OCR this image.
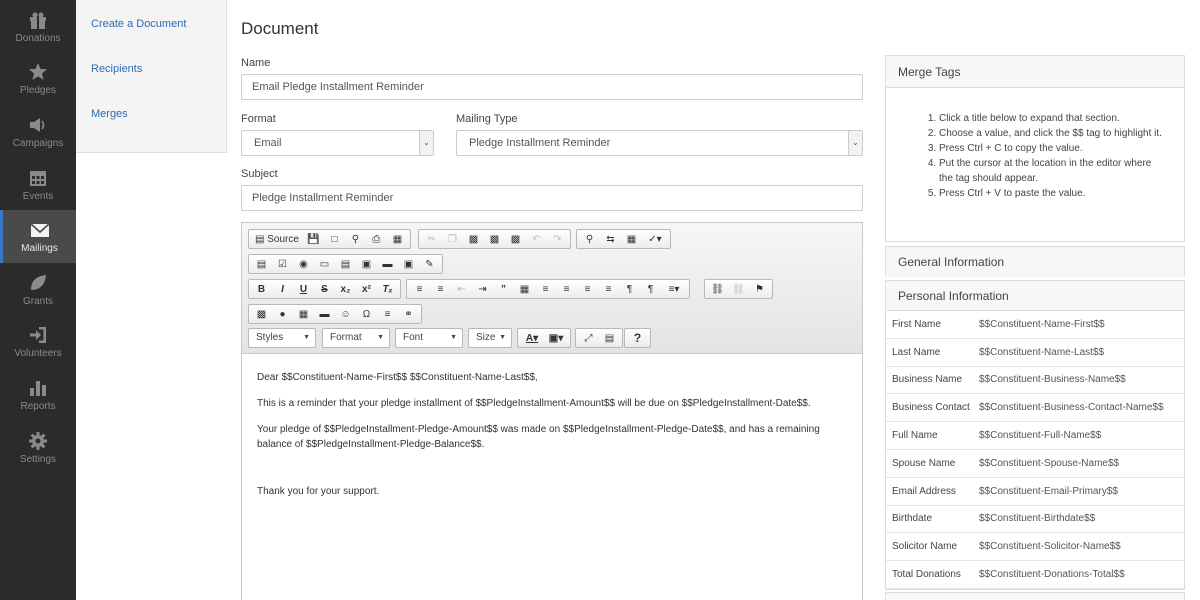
Donations
Pledges
Campaigns
Events
Mailings
Grants
Volunteers
Reports
Settings
Create a Document
Recipients
Merges
Document
Name
Email Pledge Installment Reminder
Format
Email	⌄
Mailing Type
Pledge Installment Reminder	⌄
Subject
Pledge Installment Reminder
▤ Source 💾	□	⚲	⎙	▦	✂	❐	▩	▩	▩	↶	↷	⚲	⇆	▦	✓▾
▤	☑	◉	▭	▤	▣	▬	▣	✎
B	I	U	S	x₂	x²	Tₓ	≡	≡	⇤	⇥	”	▦	≡	≡	≡	≡	¶	¶	≡▾	⛓ ⛓	⚑
▩	●	▦	▬	☺	Ω	≡	⚭
Styles	▼	Format ▼	Font	▼	Size ▼	A▾	▣▾	⤢	▤	?

Dear $$Constituent-Name-First$$ $$Constituent-Name-Last$$,

This is a reminder that your pledge installment of $$PledgeInstallment-Amount$$ will be due on $$PledgeInstallment-Date$$.

Your pledge of $$PledgeInstallment-Pledge-Amount$$ was made on $$PledgeInstallment-Pledge-Date$$, and has a remaining balance of $$PledgeInstallment-Pledge-Balance$$.

Thank you for your support.

Merge Tags
1. Click a title below to expand that section.
2. Choose a value, and click the $$ tag to highlight it.
3. Press Ctrl + C to copy the value.
4. Put the cursor at the location in the editor where the tag should appear.
5. Press Ctrl + V to paste the value.
General Information
Personal Information
First Name	$$Constituent-Name-First$$
Last Name	$$Constituent-Name-Last$$
Business Name	$$Constituent-Business-Name$$
Business Contact $$Constituent-Business-Contact-Name$$
Full Name	$$Constituent-Full-Name$$
Spouse Name	$$Constituent-Spouse-Name$$
Email Address	$$Constituent-Email-Primary$$
Birthdate	$$Constituent-Birthdate$$
Solicitor Name	$$Constituent-Solicitor-Name$$
Total Donations	$$Constituent-Donations-Total$$
